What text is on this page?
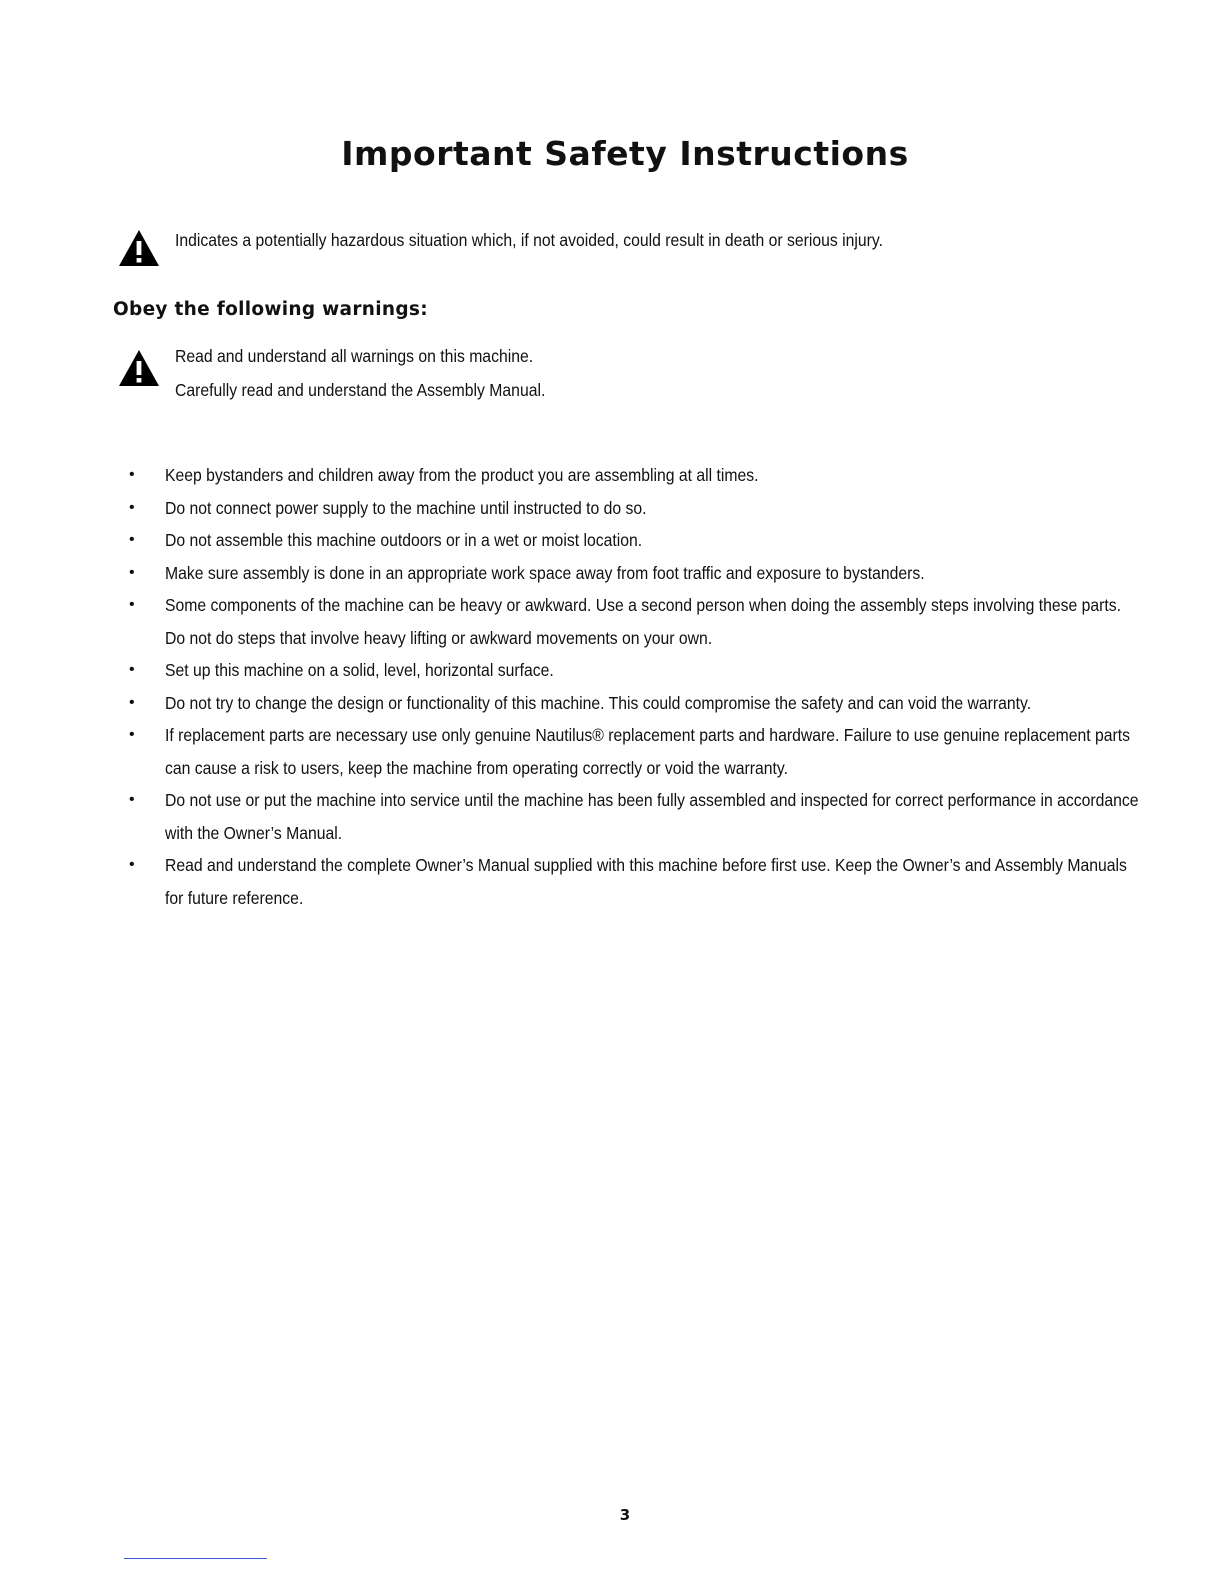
Important Safety Instructions
Indicates a potentially hazardous situation which, if not avoided, could result in death or serious injury.
Obey the following warnings:
Read and understand all warnings on this machine.
Carefully read and understand the Assembly Manual.
• Keep bystanders and children away from the product you are assembling at all times.
• Do not connect power supply to the machine until instructed to do so.
• Do not assemble this machine outdoors or in a wet or moist location.
• Make sure assembly is done in an appropriate work space away from foot traffic and exposure to bystanders.
• Some components of the machine can be heavy or awkward. Use a second person when doing the assembly steps involving these parts. Do not do steps that involve heavy lifting or awkward movements on your own.
• Set up this machine on a solid, level, horizontal surface.
• Do not try to change the design or functionality of this machine. This could compromise the safety and can void the warranty.
• If replacement parts are necessary use only genuine Nautilus® replacement parts and hardware. Failure to use genuine replacement parts can cause a risk to users, keep the machine from operating correctly or void the warranty.
• Do not use or put the machine into service until the machine has been fully assembled and inspected for correct performance in accordance with the Owner’s Manual.
• Read and understand the complete Owner’s Manual supplied with this machine before first use. Keep the Owner’s and Assembly Manuals for future reference.
3
